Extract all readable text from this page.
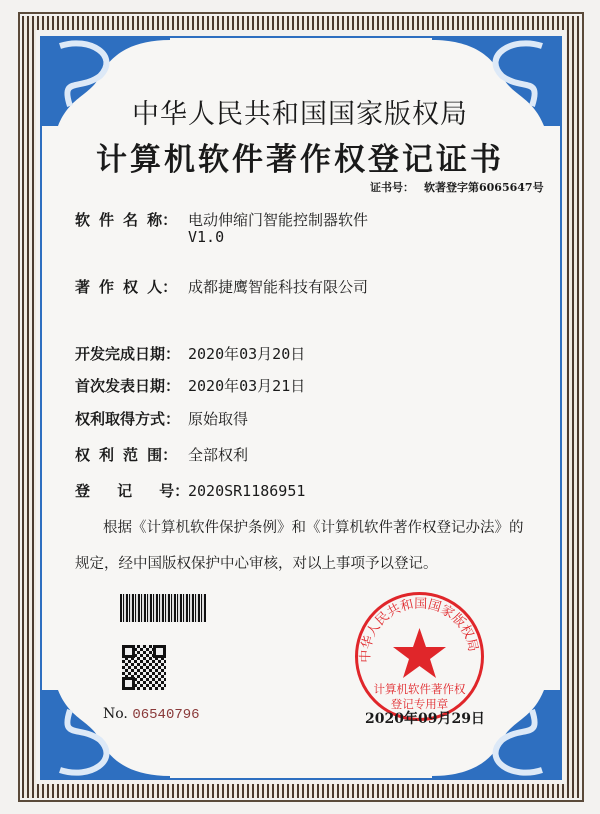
中华人民共和国国家版权局
计算机软件著作权登记证书
证书号： 软著登字第6065647号
软 件 名 称： 电动伸缩门智能控制器软件
V1.0
著 作 权 人： 成都捷鹰智能科技有限公司
开发完成日期： 2020年03月20日
首次发表日期： 2020年03月21日
权利取得方式： 原始取得
权 利 范 围： 全部权利
登   记   号：2020SR1186951
根据《计算机软件保护条例》和《计算机软件著作权登记办法》的
规定，经中国版权保护中心审核，对以上事项予以登记。
No. 06540796
中华人民共和国国家版权局
计算机软件著作权
登记专用章
2020年09月29日
